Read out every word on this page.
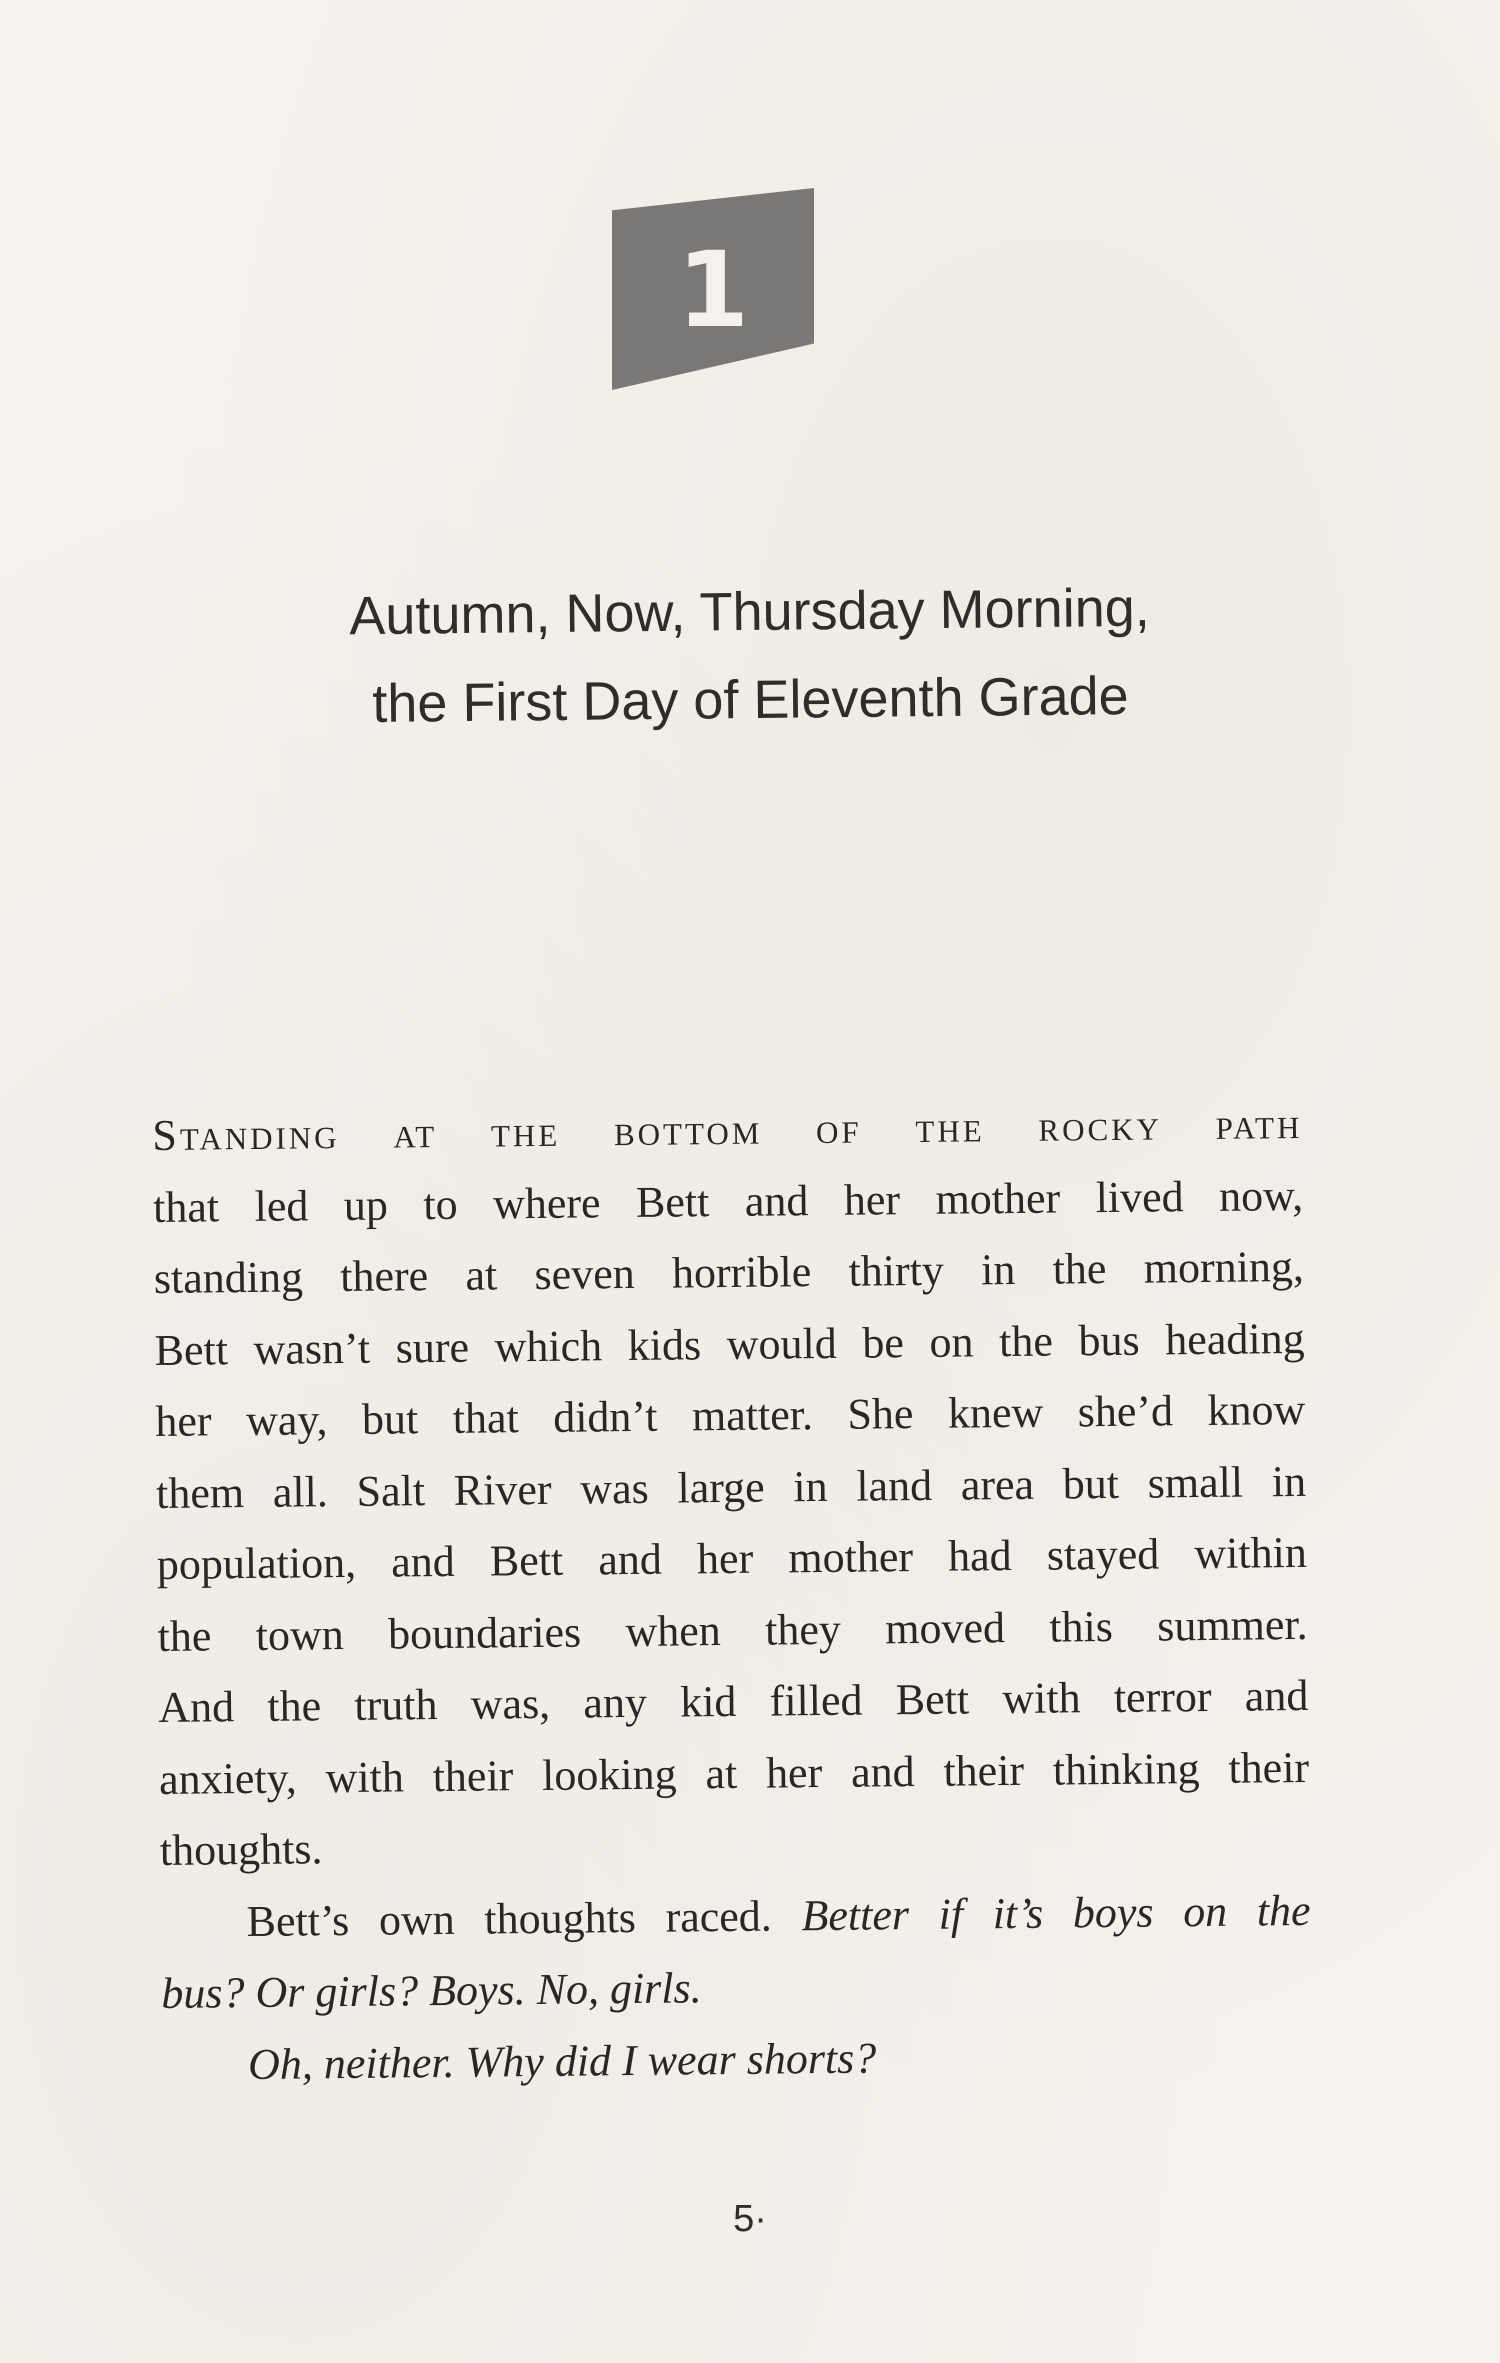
1
Autumn, Now, Thursday Morning,
the First Day of Eleventh Grade
Standing at the bottom of the rocky path
that led up to where Bett and her mother lived now,
standing there at seven horrible thirty in the morning,
Bett wasn’t sure which kids would be on the bus heading
her way, but that didn’t matter. She knew she’d know
them all. Salt River was large in land area but small in
population, and Bett and her mother had stayed within
the town boundaries when they moved this summer.
And the truth was, any kid filled Bett with terror and
anxiety, with their looking at her and their thinking their
thoughts.
Bett’s own thoughts raced. Better if it’s boys on the
bus? Or girls? Boys. No, girls.
Oh, neither. Why did I wear shorts?
5·
